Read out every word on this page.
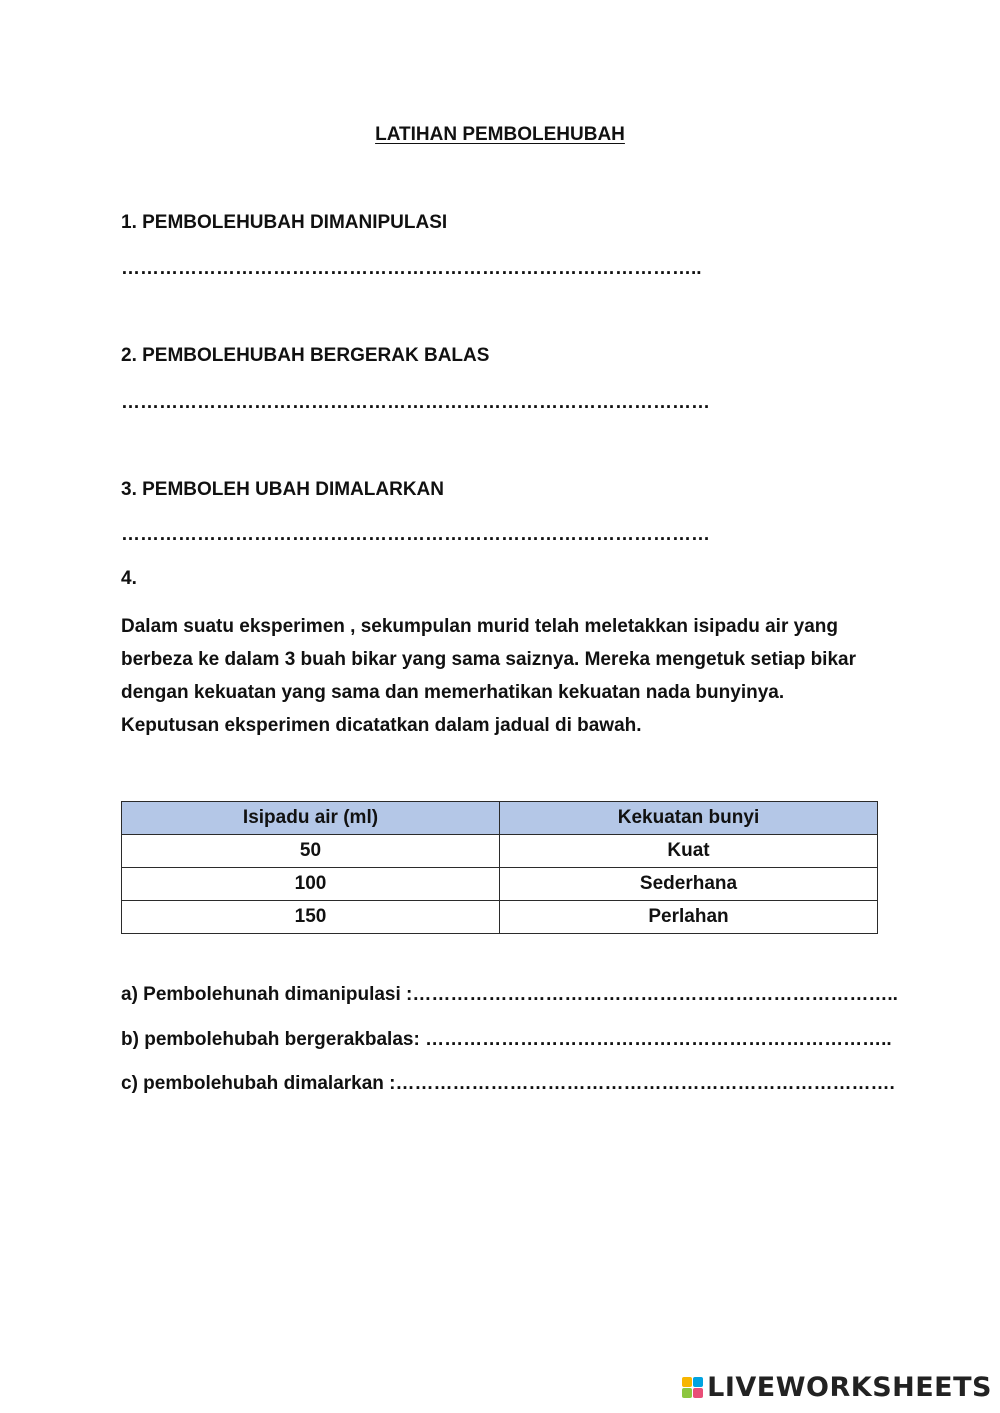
LATIHAN PEMBOLEHUBAH
1. PEMBOLEHUBAH DIMANIPULASI
………………………………………………………………………………..
2. PEMBOLEHUBAH BERGERAK BALAS
…………………………………………………………………………………
3. PEMBOLEH UBAH DIMALARKAN
…………………………………………………………………………………
4.
Dalam suatu eksperimen , sekumpulan murid telah meletakkan isipadu air yang berbeza ke dalam 3 buah bikar yang sama saiznya. Mereka mengetuk setiap bikar dengan kekuatan yang sama dan memerhatikan kekuatan nada bunyinya. Keputusan eksperimen dicatatkan dalam jadual di bawah.
Isipadu air (ml)	Kekuatan bunyi
50	Kuat
100	Sederhana
150	Perlahan
a) Pembolehunah dimanipulasi :…………………………………………………………………..
b) pembolehubah bergerakbalas: ………………………………………………………………..
c) pembolehubah dimalarkan :…………………………………………………………………….
LIVEWORKSHEETS
